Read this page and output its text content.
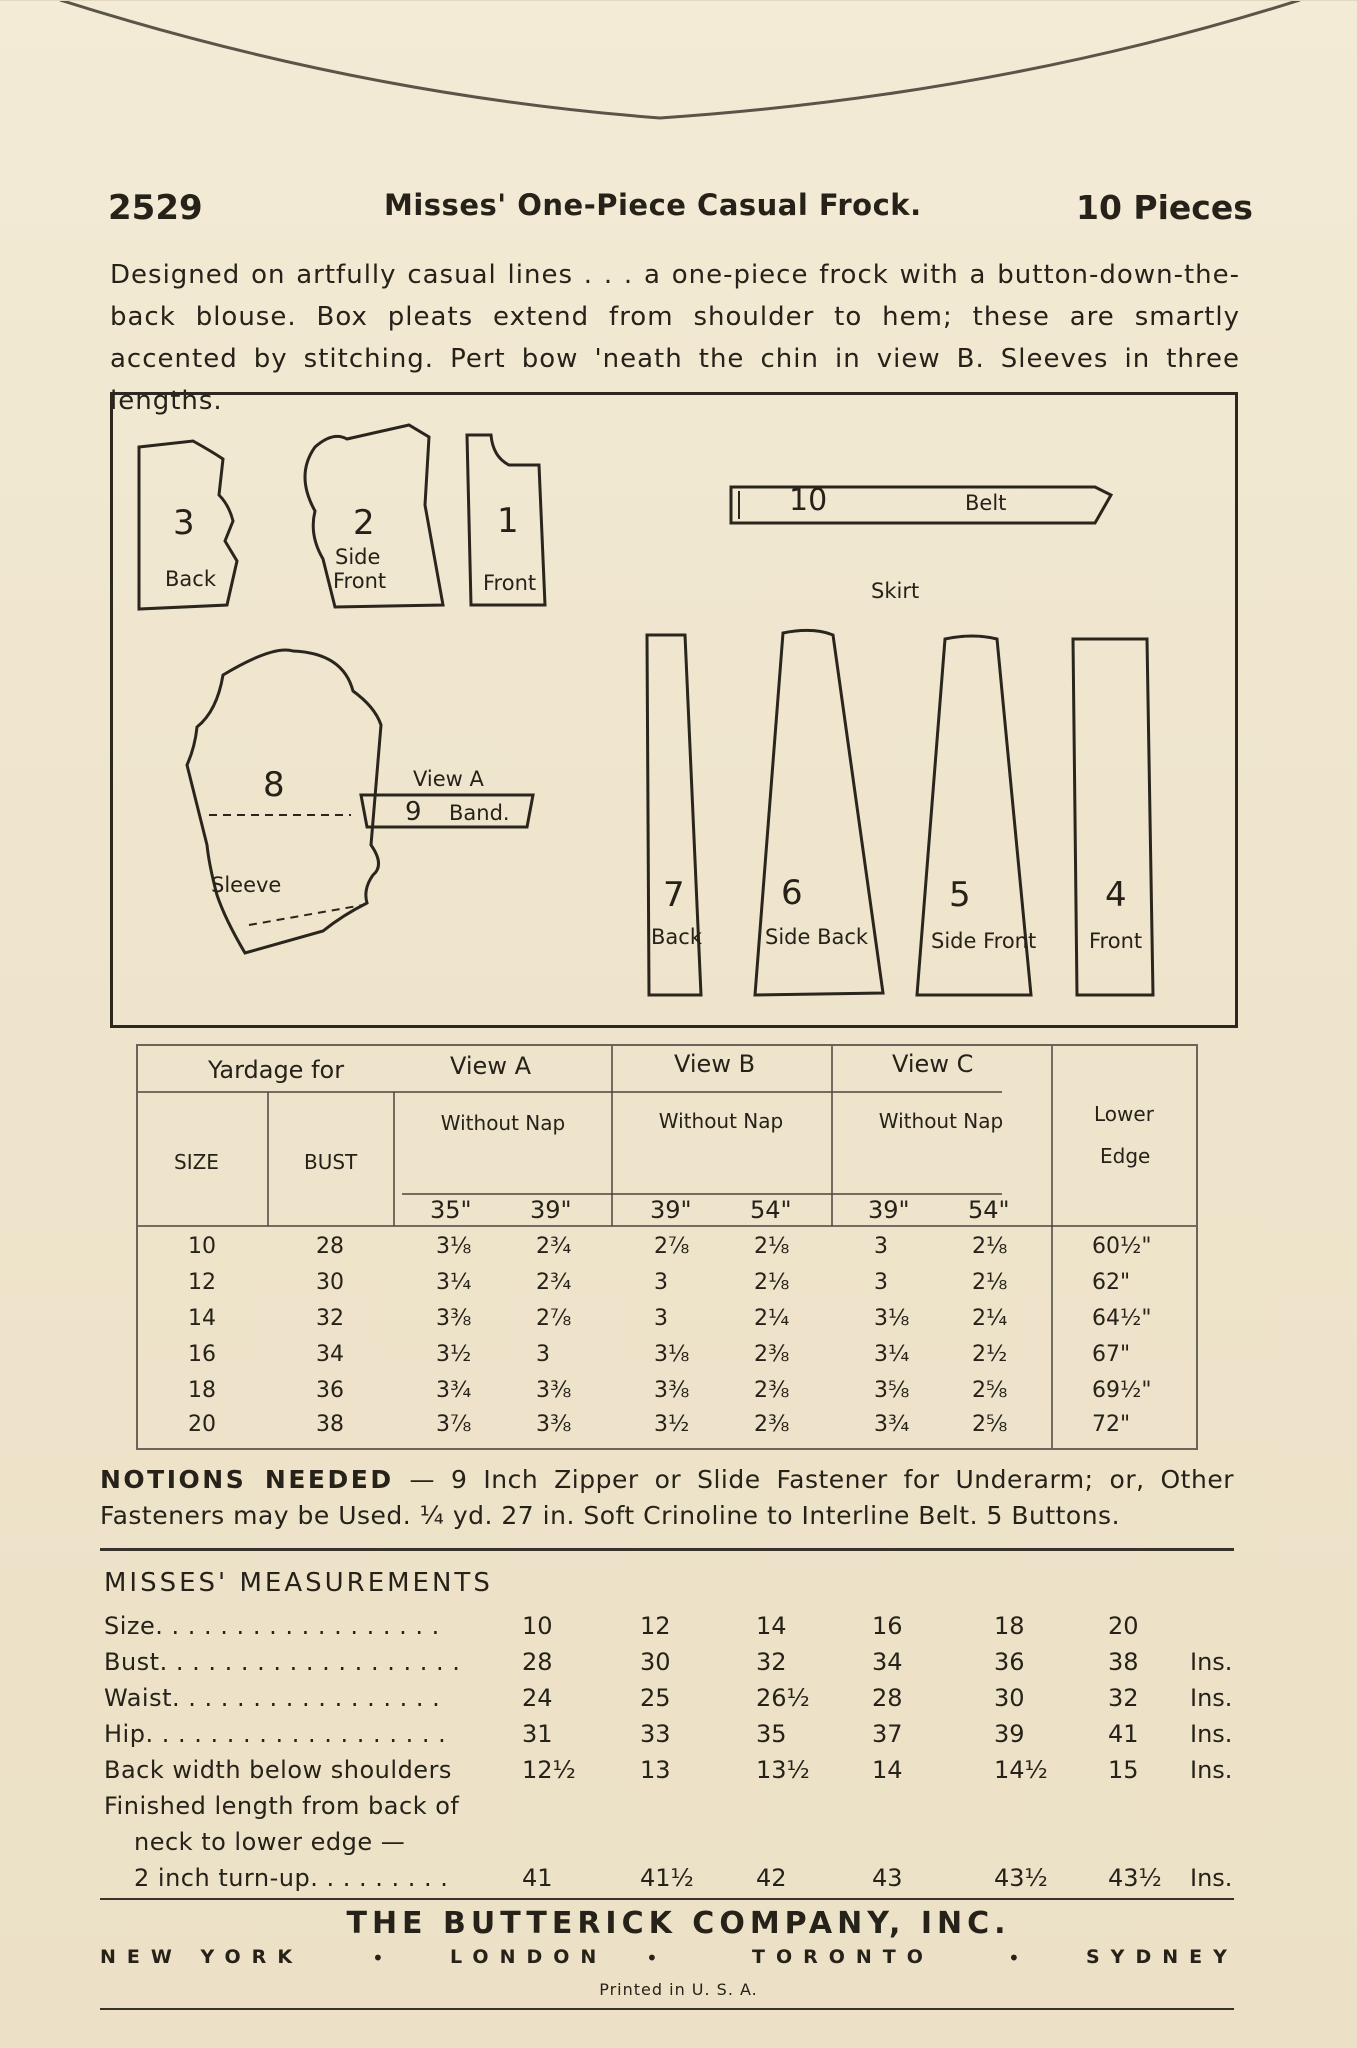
2529	Misses' One-Piece Casual Frock.	10 Pieces
Designed on artfully casual lines . . . a one-piece frock with a button-down-the-back blouse. Box pleats extend from shoulder to hem; these are smartly accented by stitching. Pert bow 'neath the chin in view B. Sleeves in three lengths.
3
Back
2
Side
Front
1
Front
10	Belt
Skirt
8
Sleeve
View A
9 Band.
7
Back
6
Side Back
5
Side Front
4
Front
Yardage for	View A	View B	View C
Without Nap	Without Nap	Without Nap
SIZE	BUST
Lower
Edge
35" 39"	39" 54"	39" 54"
10	28	3⅛	2¾	2⅞	2⅛	3	2⅛	60½"
12	30	3¼	2¾	3	2⅛	3	2⅛	62"
14	32	3⅜	2⅞	3	2¼	3⅛	2¼	64½"
16	34	3½	3	3⅛	2⅜	3¼	2½	67"
18	36	3¾	3⅜	3⅜	2⅜	3⅝	2⅝	69½"
20	38	3⅞	3⅜	3½	2⅜	3¾	2⅝	72"
NOTIONS NEEDED — 9 Inch Zipper or Slide Fastener for Underarm; or, Other Fasteners may be Used. ¼ yd. 27 in. Soft Crinoline to Interline Belt. 5 Buttons.
MISSES' MEASUREMENTS
Size. . . . . . . . . . . . . . . . . .	10	12	14	16	18	20
Bust. . . . . . . . . . . . . . . . . . .	28	30	32	34	36	38 Ins.
Waist. . . . . . . . . . . . . . . . .	24	25	26½	28	30	32 Ins.
Hip. . . . . . . . . . . . . . . . . . .	31	33	35	37	39	41 Ins.
Back width below shoulders	12½	13	13½	14	14½	15 Ins.
Finished length from back of
neck to lower edge —
2 inch turn-up. . . . . . . . .	41	41½	42	43	43½	43½ Ins.
THE BUTTERICK COMPANY, INC.
NEW YORK	•	LONDON •	TORONTO	•	SYDNEY
Printed in U. S. A.
